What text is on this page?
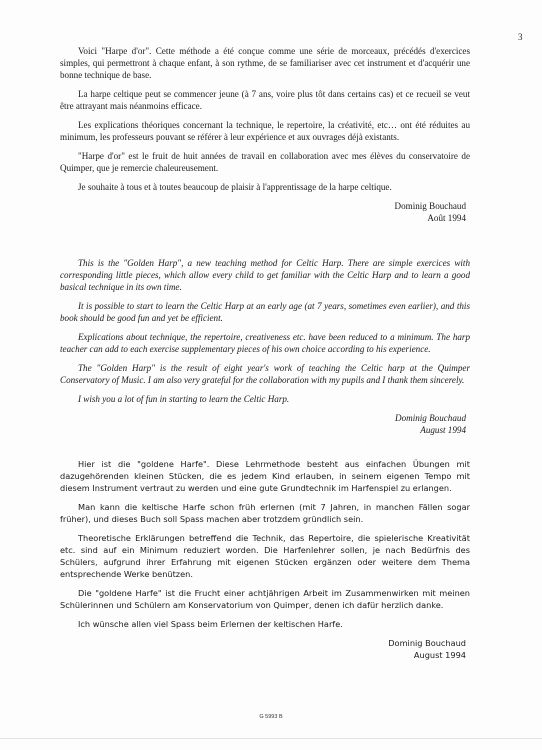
3

Voici "Harpe d'or". Cette méthode a été conçue comme une série de morceaux, précédés d'exercices simples, qui permettront à chaque enfant, à son rythme, de se familiariser avec cet instrument et d'acquérir une bonne technique de base.

La harpe celtique peut se commencer jeune (à 7 ans, voire plus tôt dans certains cas) et ce recueil se veut être attrayant mais néanmoins efficace.

Les explications théoriques concernant la technique, le repertoire, la créativité, etc… ont été réduites au minimum, les professeurs pouvant se référer à leur expérience et aux ouvrages déjà existants.

"Harpe d'or" est le fruit de huit années de travail en collaboration avec mes élèves du conservatoire de Quimper, que je remercie chaleureusement.

Je souhaite à tous et à toutes beaucoup de plaisir à l'apprentissage de la harpe celtique.

Dominig Bouchaud
Août 1994

This is the "Golden Harp", a new teaching method for Celtic Harp. There are simple exercices with corresponding little pieces, which allow every child to get familiar with the Celtic Harp and to learn a good basical technique in its own time.

It is possible to start to learn the Celtic Harp at an early age (at 7 years, sometimes even earlier), and this book should be good fun and yet be efficient.

Explications about technique, the repertoire, creativeness etc. have been reduced to a minimum. The harp teacher can add to each exercise supplementary pieces of his own choice according to his experience.

The "Golden Harp" is the result of eight year's work of teaching the Celtic harp at the Quimper Conservatory of Music. I am also very grateful for the collaboration with my pupils and I thank them sincerely.

I wish you a lot of fun in starting to learn the Celtic Harp.

Dominig Bouchaud
August 1994

Hier ist die "goldene Harfe". Diese Lehrmethode besteht aus einfachen Übungen mit dazugehörenden kleinen Stücken, die es jedem Kind erlauben, in seinem eigenen Tempo mit diesem Instrument vertraut zu werden und eine gute Grundtechnik im Harfenspiel zu erlangen.

Man kann die keltische Harfe schon früh erlernen (mit 7 Jahren, in manchen Fällen sogar früher), und dieses Buch soll Spass machen aber trotzdem gründlich sein.

Theoretische Erklärungen betreffend die Technik, das Repertoire, die spielerische Kreativität etc. sind auf ein Minimum reduziert worden. Die Harfenlehrer sollen, je nach Bedürfnis des Schülers, aufgrund ihrer Erfahrung mit eigenen Stücken ergänzen oder weitere dem Thema entsprechende Werke benützen.

Die "goldene Harfe" ist die Frucht einer achtjährigen Arbeit im Zusammenwirken mit meinen Schülerinnen und Schülern am Konservatorium von Quimper, denen ich dafür herzlich danke.

Ich wünsche allen viel Spass beim Erlernen der keltischen Harfe.

Dominig Bouchaud
August 1994
G 5993 B
